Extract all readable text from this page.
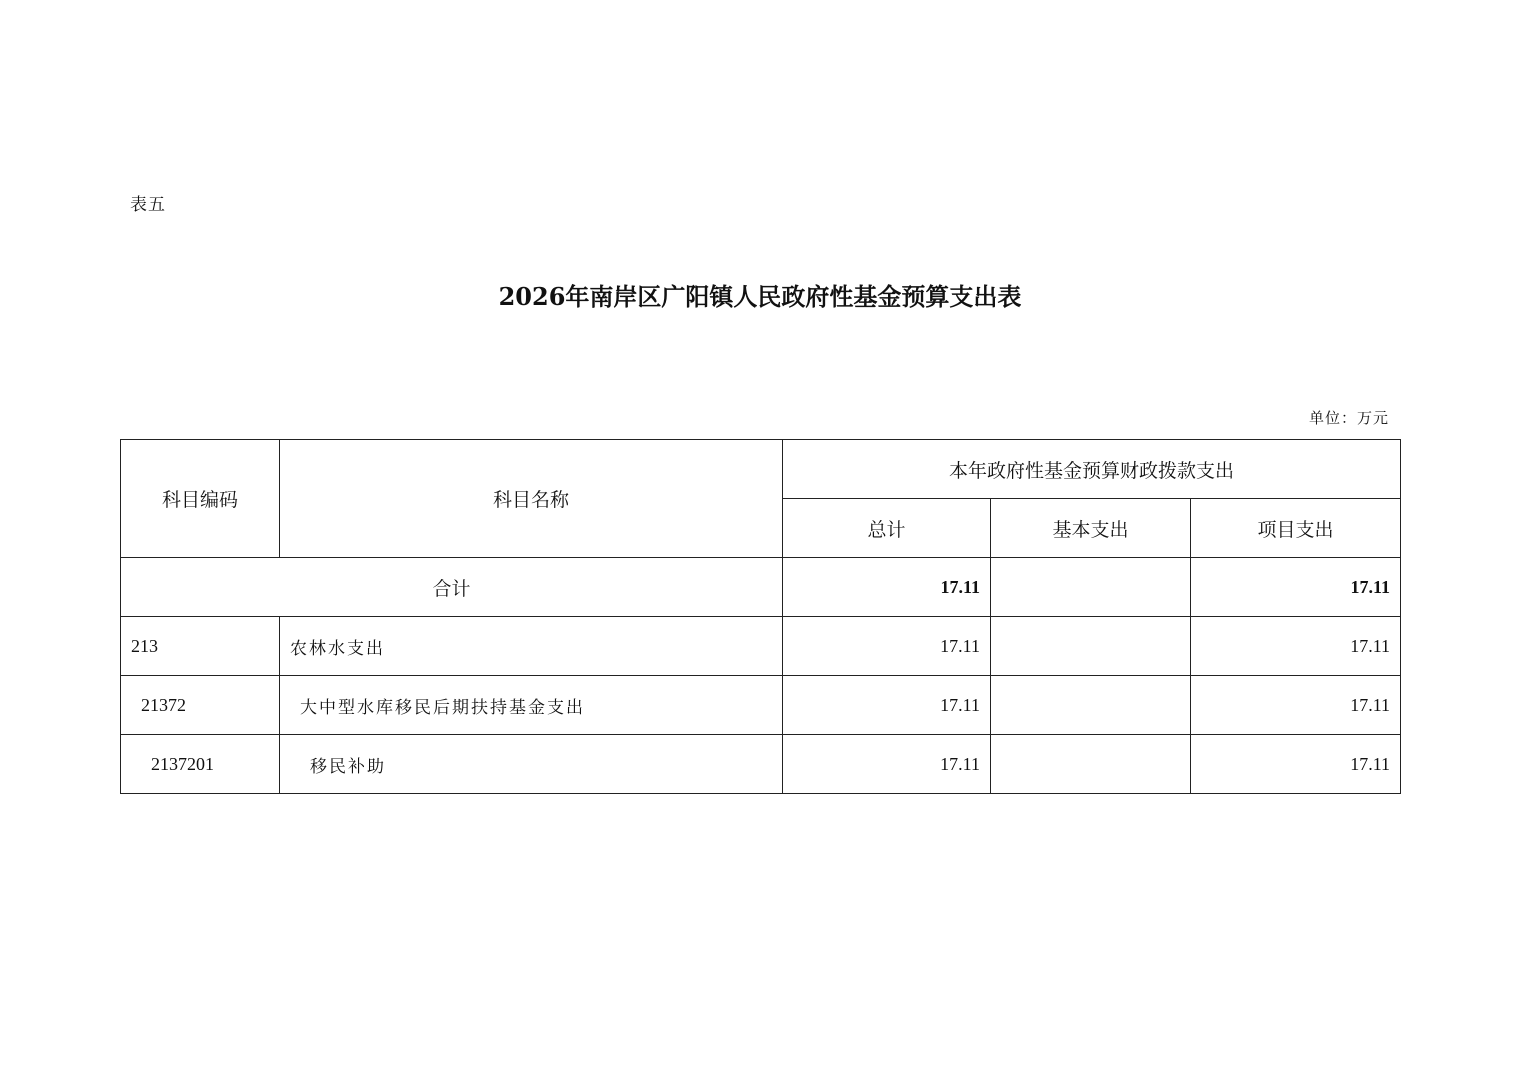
表五
2026年南岸区广阳镇人民政府性基金预算支出表
单位：万元
科目编码	科目名称	本年政府性基金预算财政拨款支出		
		总计	基本支出	项目支出
合计		17.11		17.11
213	农林水支出	17.11		17.11
21372	大中型水库移民后期扶持基金支出	17.11		17.11
2137201	移民补助	17.11		17.11
